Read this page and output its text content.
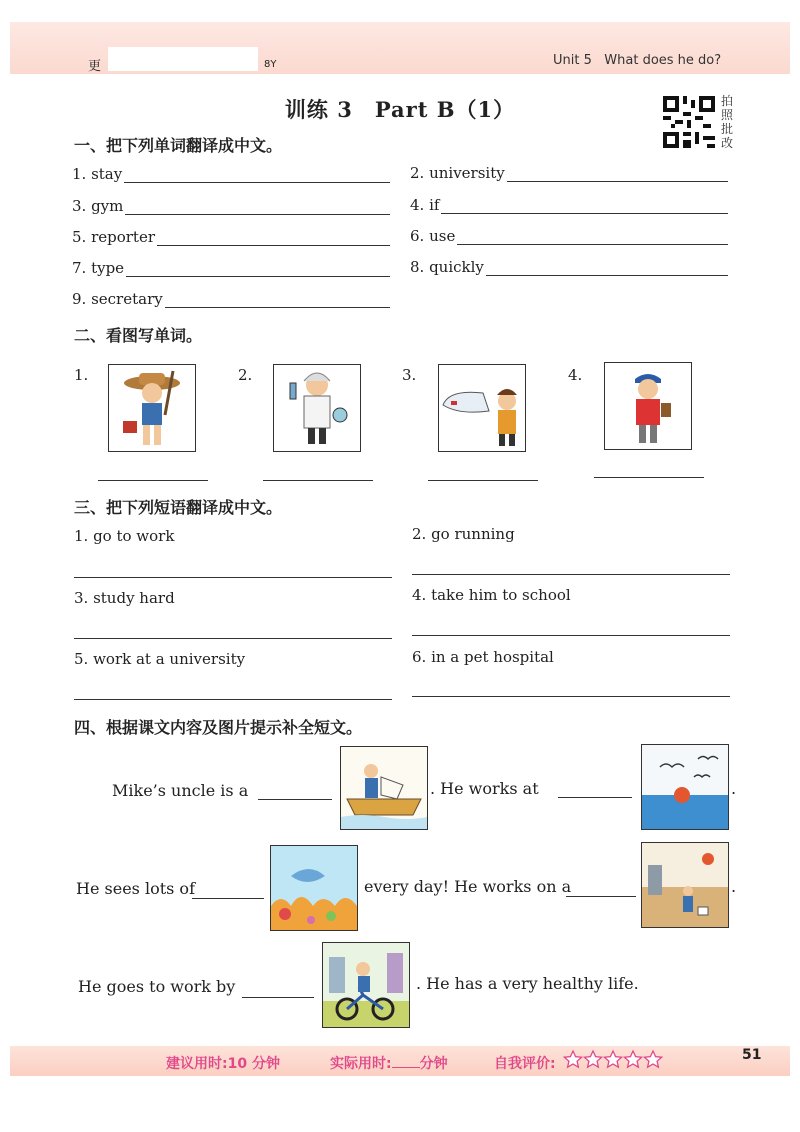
更	8Y	Unit 5 What does he do?
训练 3　Part B（1）	拍
照
批
改
一、把下列单词翻译成中文。
1. stay	2. university
3. gym	4. if
5. reporter	6. use
7. type	8. quickly
9. secretary
二、看图写单词。
1.	2.	3.	4.
三、把下列短语翻译成中文。
1. go to work	2. go running
3. study hard	4. take him to school
5. work at a university	6. in a pet hospital
四、根据课文内容及图片提示补全短文。
Mike’s uncle is a	. He works at	.
He sees lots of	every day! He works on a	.
He goes to work by	. He has a very healthy life.
建议用时:10 分钟	实际用时: 分钟	自我评价:
51
